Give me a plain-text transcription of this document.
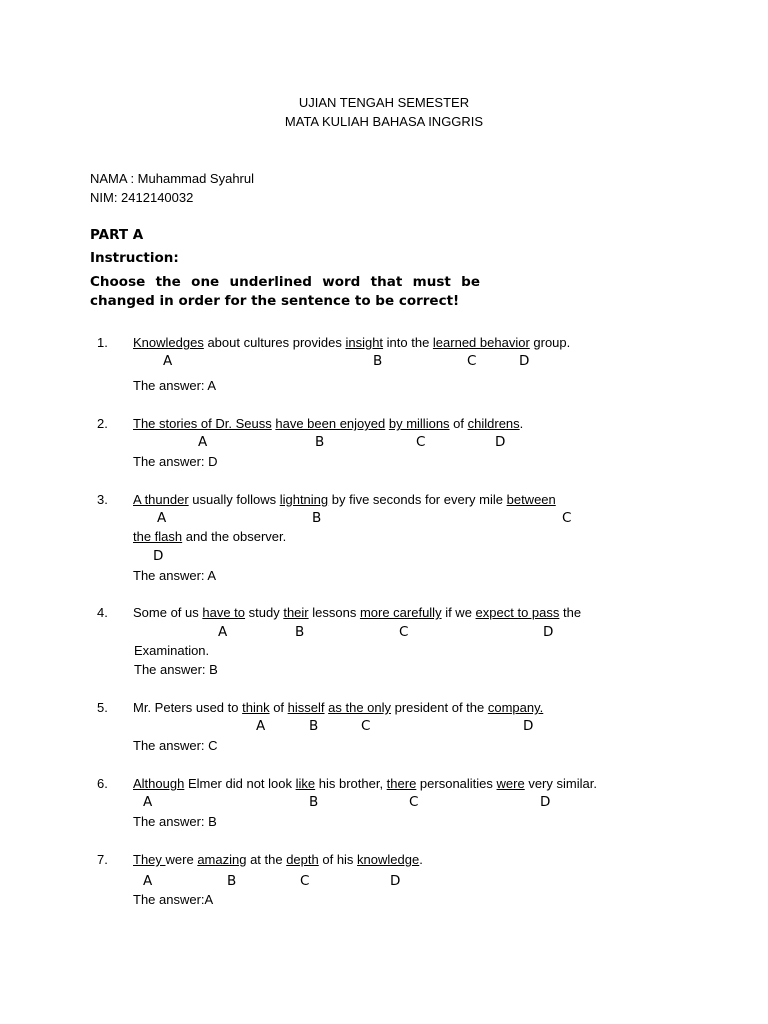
UJIAN TENGAH SEMESTER
MATA KULIAH BAHASA INGGRIS
NAMA : Muhammad Syahrul
NIM: 2412140032
PART A
Instruction:
Choose the one underlined word that must be changed in order for the sentence to be correct!
1. Knowledges about cultures provides insight into the learned behavior group.
A	B	C	D
The answer: A
2. The stories of Dr. Seuss have been enjoyed by millions of childrens.
A	B	C	D
The answer: D
3. A thunder usually follows lightning by five seconds for every mile between
A	B	C
the flash and the observer.
D
The answer: A
4. Some of us have to study their lessons more carefully if we expect to pass the
A	B	C	D
Examination.
The answer: B
5. Mr. Peters used to think of hisself as the only president of the company.
A	B	C	D
The answer: C
6. Although Elmer did not look like his brother, there personalities were very similar.
A	B	C	D
The answer: B
7. They were amazing at the depth of his knowledge.
A	B	C	D
The answer:A
